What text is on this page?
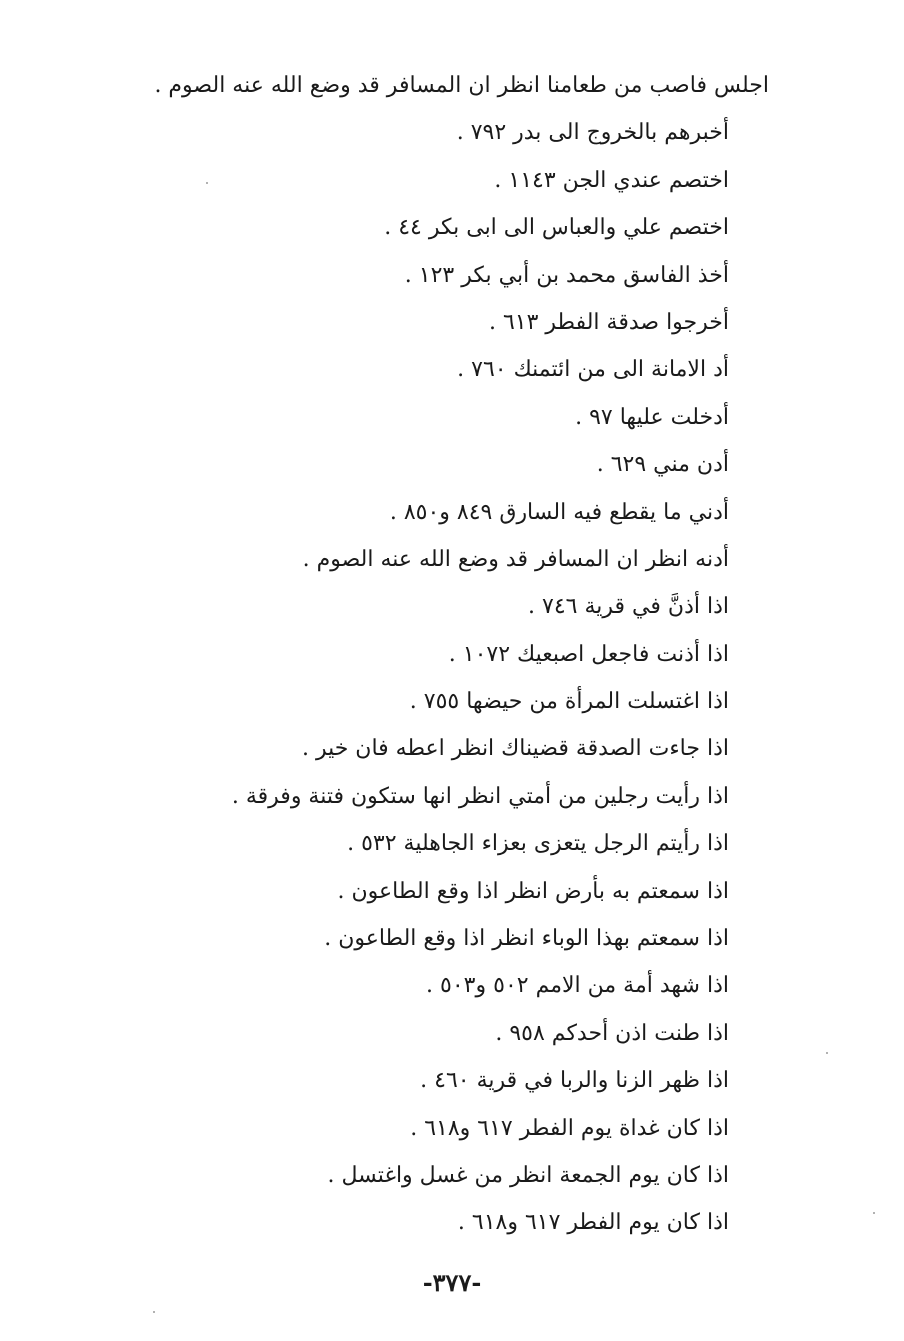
اجلس فاصب من طعامنا انظر ان المسافر قد وضع الله عنه الصوم .
أخبرهم بالخروج الى بدر ٧٩٢ .
اختصم عندي الجن ١١٤٣ .
اختصم علي والعباس الى ابى بكر ٤٤ .
أخذ الفاسق محمد بن أبي بكر ١٢٣ .
أخرجوا صدقة الفطر ٦١٣ .
أد الامانة الى من ائتمنك ٧٦٠ .
أدخلت عليها ٩٧ .
أدن مني ٦٢٩ .
أدني ما يقطع فيه السارق ٨٤٩ و٨٥٠ .
أدنه انظر ان المسافر قد وضع الله عنه الصوم .
اذا أذنَّ في قرية ٧٤٦ .
اذا أذنت فاجعل اصبعيك ١٠٧٢ .
اذا اغتسلت المرأة من حيضها ٧٥٥ .
اذا جاءت الصدقة قضيناك انظر اعطه فان خير .
اذا رأيت رجلين من أمتي انظر انها ستكون فتنة وفرقة .
اذا رأيتم الرجل يتعزى بعزاء الجاهلية ٥٣٢ .
اذا سمعتم به بأرض انظر اذا وقع الطاعون .
اذا سمعتم بهذا الوباء انظر اذا وقع الطاعون .
اذا شهد أمة من الامم ٥٠٢ و٥٠٣ .
اذا طنت اذن أحدكم ٩٥٨ .
اذا ظهر الزنا والربا في قرية ٤٦٠ .
اذا كان غداة يوم الفطر ٦١٧ و٦١٨ .
اذا كان يوم الجمعة انظر من غسل واغتسل .
اذا كان يوم الفطر ٦١٧ و٦١٨ .
-٣٧٧-
